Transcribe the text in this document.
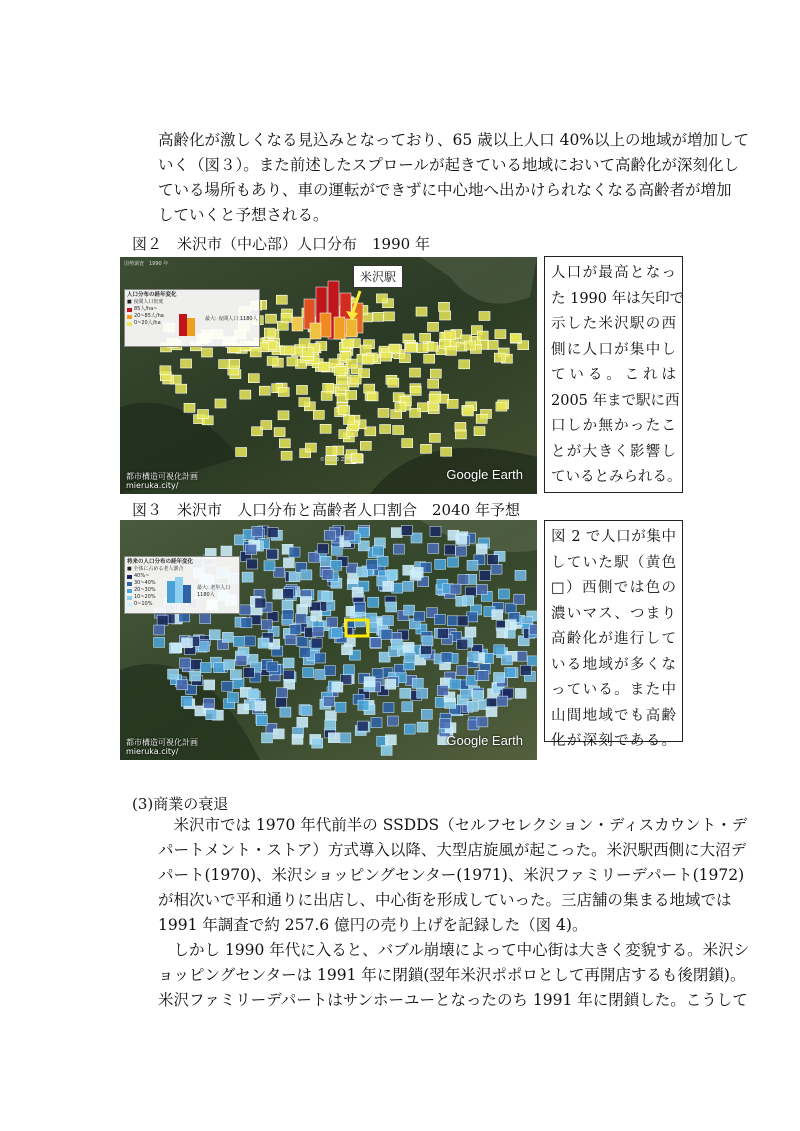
高齢化が激しくなる見込みとなっており、65 歳以上人口 40%以上の地域が増加して
いく（図３）。また前述したスプロールが起きている地域において高齢化が深刻化し
ている場所もあり、車の運転ができずに中心地へ出かけられなくなる高齢者が増加
していくと予想される。

図２　米沢市（中心部）人口分布　1990 年

国勢調査　1990 年
人口分布の経年変化
■ 夜間人口密度
85人/ha~
20~85人/ha
0~20人/ha
最大: 夜間人口 1180人
米沢駅
© 2016 ZENRIN
Google Earth
都市構造可視化計画
mieruka.city/
人口が最高となっ
た 1990 年は矢印で
示した米沢駅の西
側に人口が集中し
ている。これは
2005 年まで駅に西
口しか無かったこ
とが大きく影響し
ているとみられる。

図３　米沢市　人口分布と高齢者人口割合　2040 年予想

将来の人口分布の経年変化
■ 全体に占める老人割合
40%~
30~40%
20~30%
10~20%
0~10%
最大: 老年人口 1180人
Google Earth
都市構造可視化計画
mieruka.city/
図 2 で人口が集中
していた駅（黄色
□）西側では色の
濃いマス、つまり
高齢化が進行して
いる地域が多くな
っている。また中
山間地域でも高齢
化が深刻である。

(3)商業の衰退

　米沢市では 1970 年代前半の SSDDS（セルフセレクション・ディスカウント・デ
パートメント・ストア）方式導入以降、大型店旋風が起こった。米沢駅西側に大沼デ
パート(1970)、米沢ショッピングセンター(1971)、米沢ファミリーデパート(1972)
が相次いで平和通りに出店し、中心街を形成していった。三店舗の集まる地域では
1991 年調査で約 257.6 億円の売り上げを記録した（図 4)。
　しかし 1990 年代に入ると、バブル崩壊によって中心街は大きく変貌する。米沢シ
ョッピングセンターは 1991 年に閉鎖(翌年米沢ポポロとして再開店するも後閉鎖)。
米沢ファミリーデパートはサンホーユーとなったのち 1991 年に閉鎖した。こうして
